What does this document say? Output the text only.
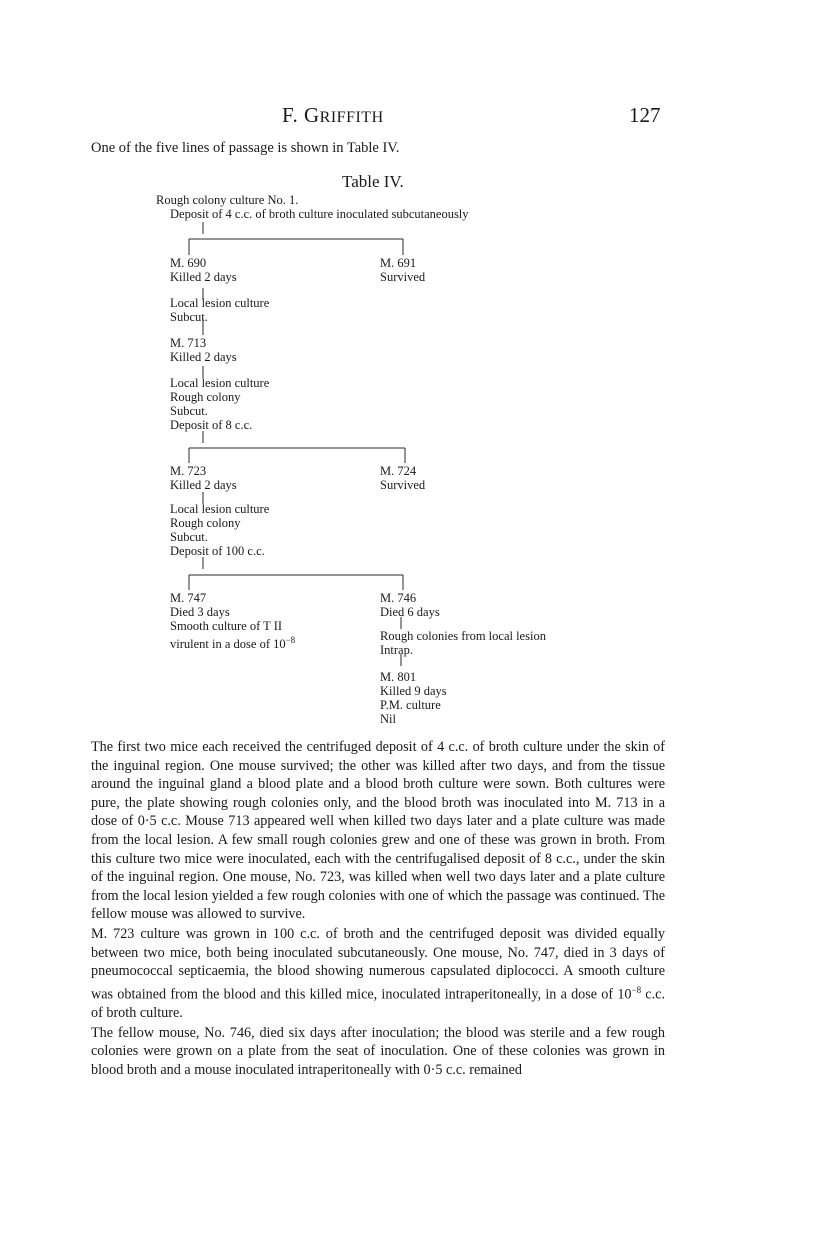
F. GRIFFITH	127
One of the five lines of passage is shown in Table IV.
Table IV.
Rough colony culture No. 1.
Deposit of 4 c.c. of broth culture inoculated subcutaneously
M. 690
Killed 2 days
M. 691
Survived
Local lesion culture
Subcut.
M. 713
Killed 2 days
Local lesion culture
Rough colony
Subcut.
Deposit of 8 c.c.
M. 723
Killed 2 days
M. 724
Survived
Local lesion culture
Rough colony
Subcut.
Deposit of 100 c.c.
M. 747
Died 3 days
Smooth culture of T II
virulent in a dose of $10^{-8}$
M. 746
Died 6 days
Rough colonies from local lesion
Intrap.
M. 801
Killed 9 days
P.M. culture
Nil

The first two mice each received the centrifuged deposit of 4 c.c. of broth culture under the skin of the inguinal region. One mouse survived; the other was killed after two days, and from the tissue around the inguinal gland a blood plate and a blood broth culture were sown. Both cultures were pure, the plate showing rough colonies only, and the blood broth was inoculated into M. 713 in a dose of 0·5 c.c. Mouse 713 appeared well when killed two days later and a plate culture was made from the local lesion. A few small rough colonies grew and one of these was grown in broth. From this culture two mice were inoculated, each with the centrifugalised deposit of 8 c.c., under the skin of the inguinal region. One mouse, No. 723, was killed when well two days later and a plate culture from the local lesion yielded a few rough colonies with one of which the passage was continued. The fellow mouse was allowed to survive.

M. 723 culture was grown in 100 c.c. of broth and the centrifuged deposit was divided equally between two mice, both being inoculated subcutaneously. One mouse, No. 747, died in 3 days of pneumococcal septicaemia, the blood showing numerous capsulated diplococci. A smooth culture was obtained from the blood and this killed mice, inoculated intraperitoneally, in a dose of $10^{-8}$ c.c. of broth culture.

The fellow mouse, No. 746, died six days after inoculation; the blood was sterile and a few rough colonies were grown on a plate from the seat of inoculation. One of these colonies was grown in blood broth and a mouse inoculated intraperitoneally with 0·5 c.c. remained
